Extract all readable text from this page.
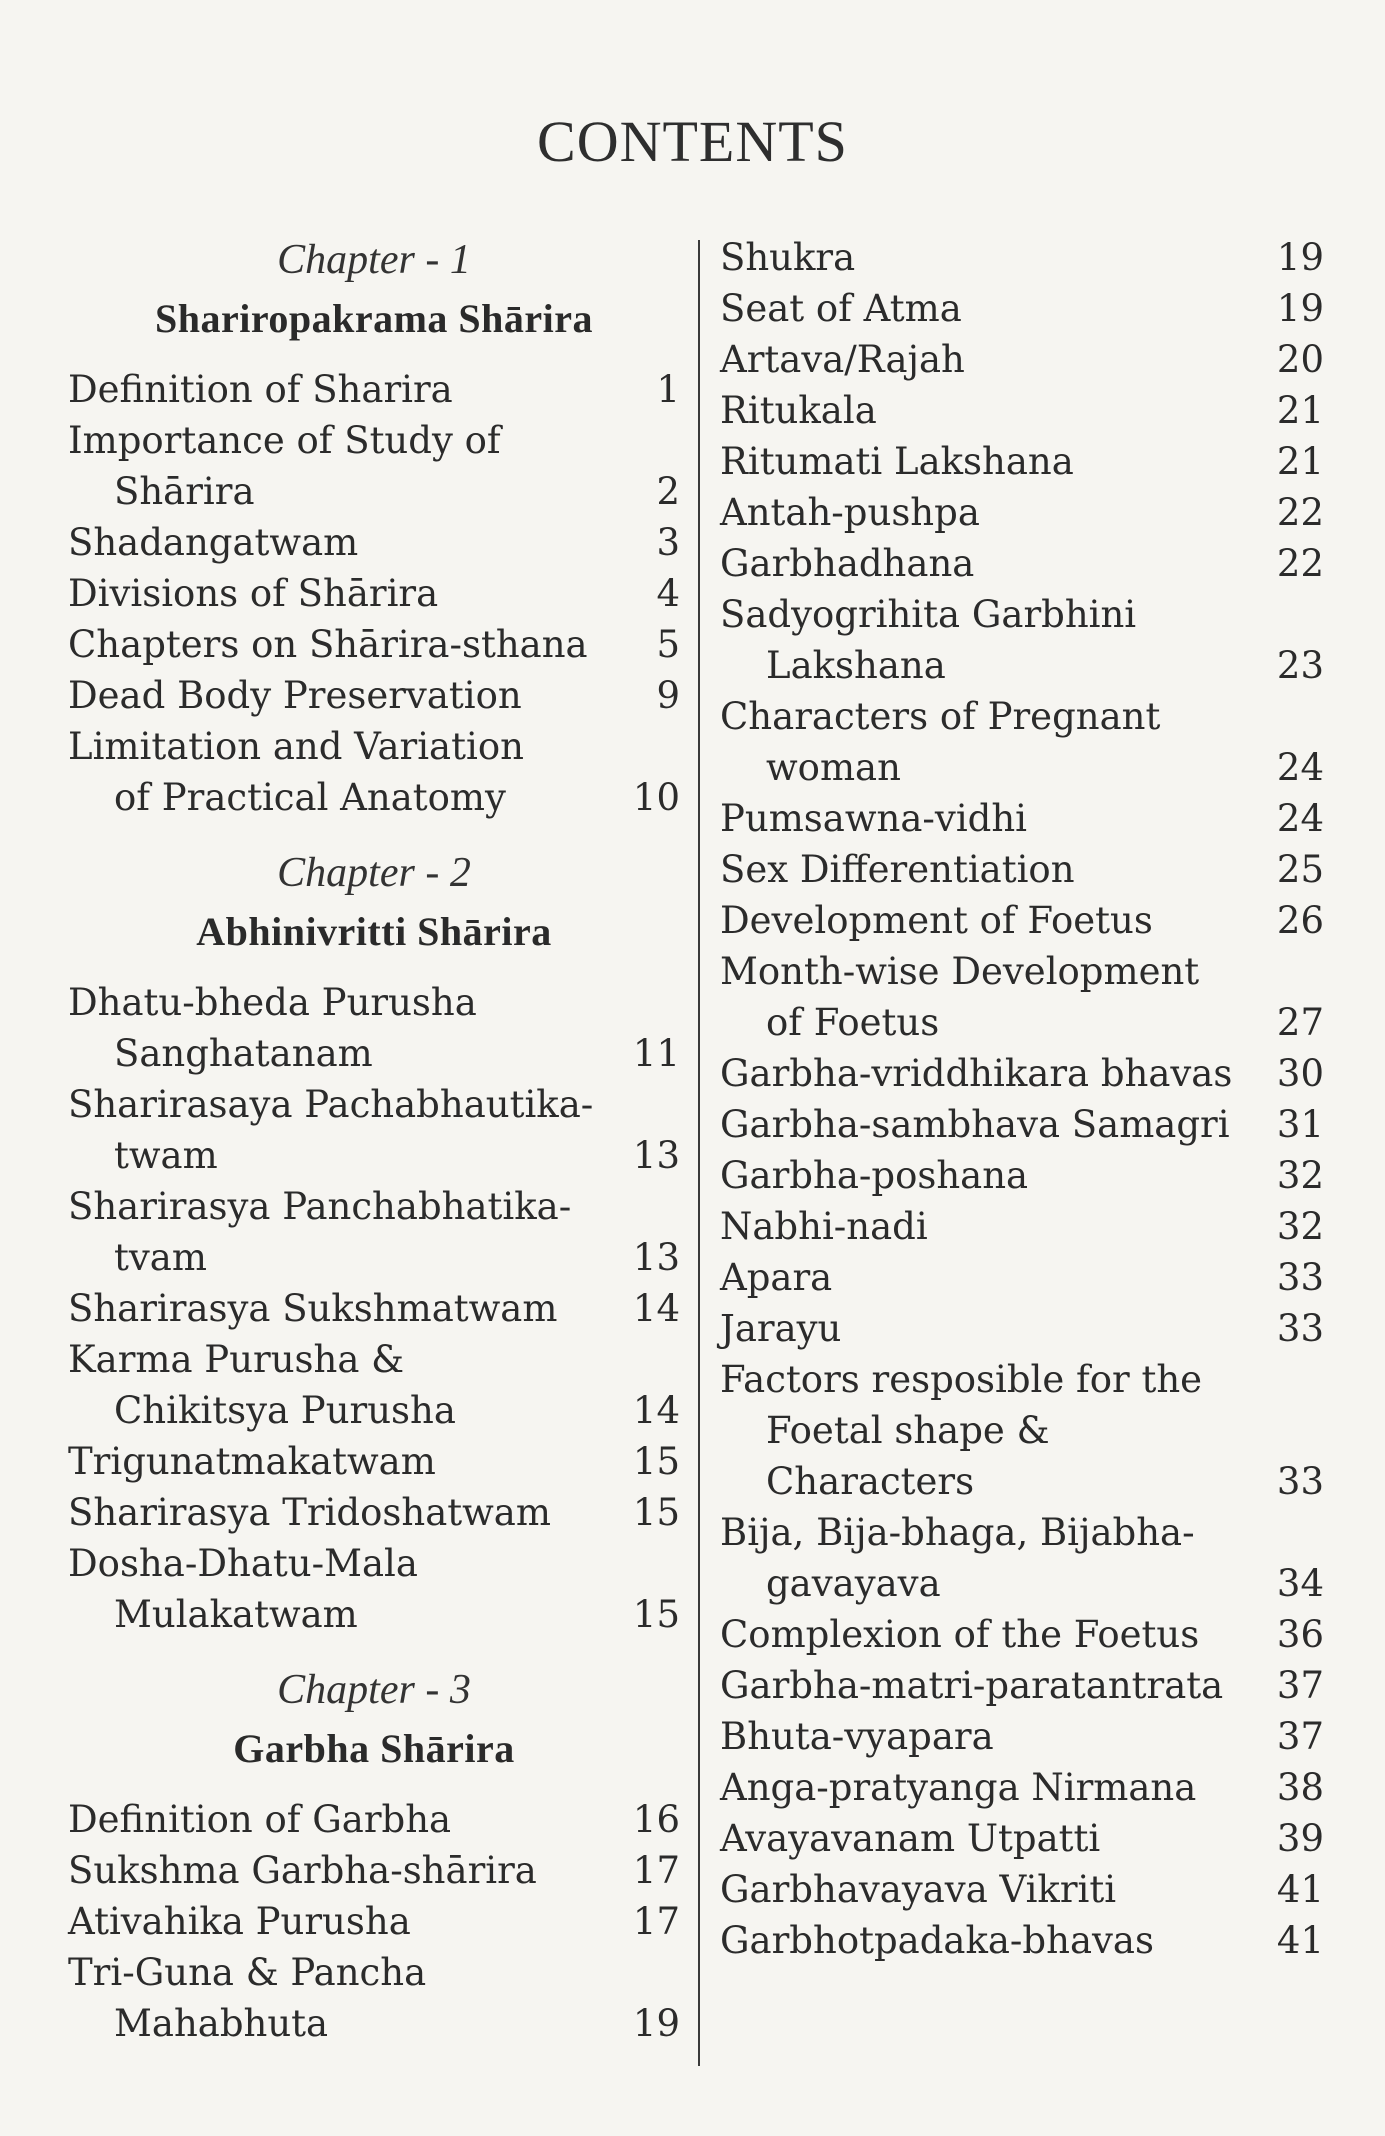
CONTENTS
Chapter - 1
Shariropakrama Shārira
Definition of Sharira	1
Importance of Study of
Shārira	2
Shadangatwam	3
Divisions of Shārira	4
Chapters on Shārira-sthana	5
Dead Body Preservation	9
Limitation and Variation
of Practical Anatomy	10
Chapter - 2
Abhinivritti Shārira
Dhatu-bheda Purusha
Sanghatanam	11
Sharirasaya Pachabhautika-
twam	13
Sharirasya Panchabhatika-
tvam	13
Sharirasya Sukshmatwam	14
Karma Purusha &
Chikitsya Purusha	14
Trigunatmakatwam	15
Sharirasya Tridoshatwam	15
Dosha-Dhatu-Mala
Mulakatwam	15
Chapter - 3
Garbha Shārira
Definition of Garbha	16
Sukshma Garbha-shārira	17
Ativahika Purusha	17
Tri-Guna & Pancha
Mahabhuta	19
Shukra	19
Seat of Atma	19
Artava/Rajah	20
Ritukala	21
Ritumati Lakshana	21
Antah-pushpa	22
Garbhadhana	22
Sadyogrihita Garbhini
Lakshana	23
Characters of Pregnant
woman	24
Pumsawna-vidhi	24
Sex Differentiation	25
Development of Foetus	26
Month-wise Development
of Foetus	27
Garbha-vriddhikara bhavas	30
Garbha-sambhava Samagri	31
Garbha-poshana	32
Nabhi-nadi	32
Apara	33
Jarayu	33
Factors resposible for the
Foetal shape &
Characters	33
Bija, Bija-bhaga, Bijabha-
gavayava	34
Complexion of the Foetus	36
Garbha-matri-paratantrata	37
Bhuta-vyapara	37
Anga-pratyanga Nirmana	38
Avayavanam Utpatti	39
Garbhavayava Vikriti	41
Garbhotpadaka-bhavas	41
